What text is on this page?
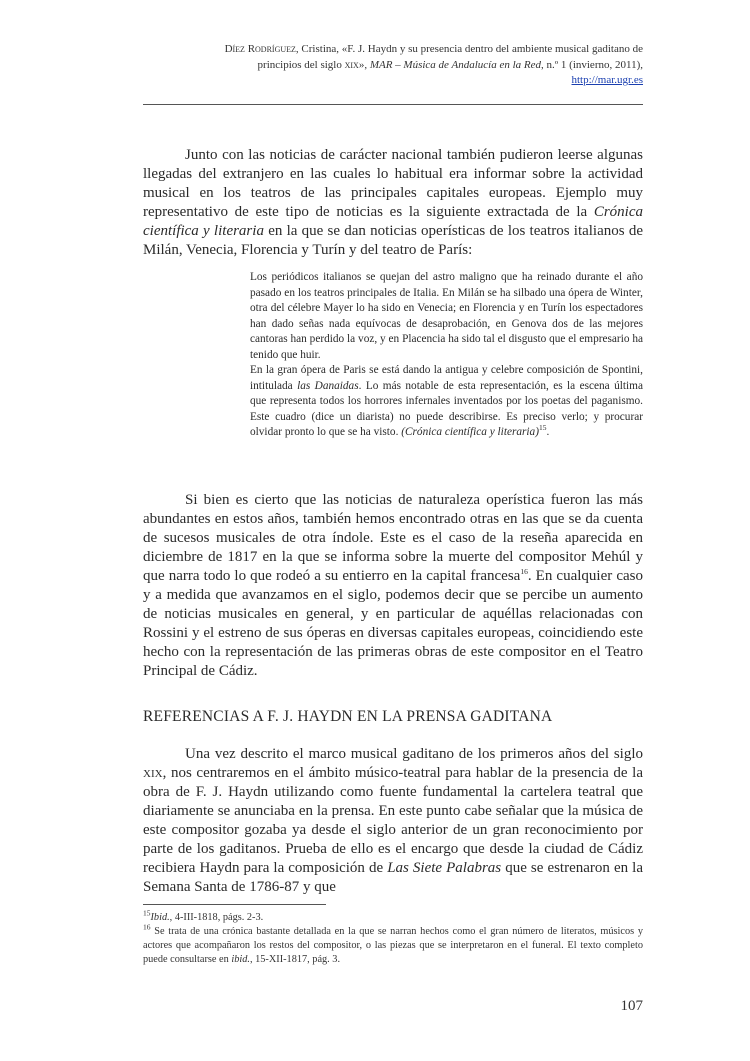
Díez Rodríguez, Cristina, «F. J. Haydn y su presencia dentro del ambiente musical gaditano de
principios del siglo xix», MAR – Música de Andalucía en la Red, n.º 1 (invierno, 2011),
http://mar.ugr.es

Junto con las noticias de carácter nacional también pudieron leerse algunas llegadas del extranjero en las cuales lo habitual era informar sobre la actividad musical en los teatros de las principales capitales europeas. Ejemplo muy representativo de este tipo de noticias es la siguiente extractada de la Crónica científica y literaria en la que se dan noticias operísticas de los teatros italianos de Milán, Venecia, Florencia y Turín y del teatro de París:

Los periódicos italianos se quejan del astro maligno que ha reinado durante el año pasado en los teatros principales de Italia. En Milán se ha silbado una ópera de Winter, otra del célebre Mayer lo ha sido en Venecia; en Florencia y en Turín los espectadores han dado señas nada equívocas de desaprobación, en Genova dos de las mejores cantoras han perdido la voz, y en Placencia ha sido tal el disgusto que el empresario ha tenido que huir.

En la gran ópera de Paris se está dando la antigua y celebre composición de Spontini, intitulada las Danaidas. Lo más notable de esta representación, es la escena última que representa todos los horrores infernales inventados por los poetas del paganismo. Este cuadro (dice un diarista) no puede describirse. Es preciso verlo; y procurar olvidar pronto lo que se ha visto. (Crónica científica y literaria)$^{15}$.

Si bien es cierto que las noticias de naturaleza operística fueron las más abundantes en estos años, también hemos encontrado otras en las que se da cuenta de sucesos musicales de otra índole. Este es el caso de la reseña aparecida en diciembre de 1817 en la que se informa sobre la muerte del compositor Mehúl y que narra todo lo que rodeó a su entierro en la capital francesa$^{16}$. En cualquier caso y a medida que avanzamos en el siglo, podemos decir que se percibe un aumento de noticias musicales en general, y en particular de aquéllas relacionadas con Rossini y el estreno de sus óperas en diversas capitales europeas, coincidiendo este hecho con la representación de las primeras obras de este compositor en el Teatro Principal de Cádiz.

REFERENCIAS A F. J. HAYDN EN LA PRENSA GADITANA

Una vez descrito el marco musical gaditano de los primeros años del siglo xix, nos centraremos en el ámbito músico-teatral para hablar de la presencia de la obra de F. J. Haydn utilizando como fuente fundamental la cartelera teatral que diariamente se anunciaba en la prensa. En este punto cabe señalar que la música de este compositor gozaba ya desde el siglo anterior de un gran reconocimiento por parte de los gaditanos. Prueba de ello es el encargo que desde la ciudad de Cádiz recibiera Haydn para la composición de Las Siete Palabras que se estrenaron en la Semana Santa de 1786-87 y que

$^{15}$Ibid., 4-III-1818, págs. 2-3.

$^{16}$ Se trata de una crónica bastante detallada en la que se narran hechos como el gran número de literatos, músicos y actores que acompañaron los restos del compositor, o las piezas que se interpretaron en el funeral. El texto completo puede consultarse en ibid., 15-XII-1817, pág. 3.

107
